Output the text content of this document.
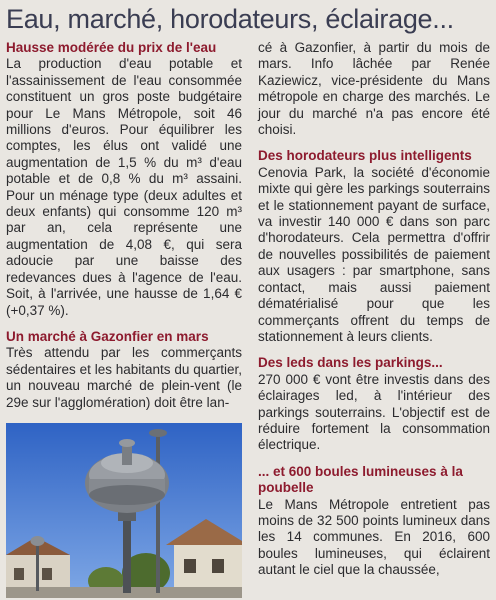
Eau, marché, horodateurs, éclairage...

Hausse modérée du prix de l'eau

La production d'eau potable et l'assainissement de l'eau consommée constituent un gros poste budgétaire pour Le Mans Métropole, soit 46 millions d'euros. Pour équilibrer les comptes, les élus ont validé une augmentation de 1,5 % du m³ d'eau potable et de 0,8 % du m³ assaini. Pour un ménage type (deux adultes et deux enfants) qui consomme 120 m³ par an, cela représente une augmentation de 4,08 €, qui sera adoucie par une baisse des redevances dues à l'agence de l'eau. Soit, à l'arrivée, une hausse de 1,64 € (+0,37 %).

Un marché à Gazonfier en mars

Très attendu par les commerçants sédentaires et les habitants du quartier, un nouveau marché de plein-vent (le 29e sur l'agglomération) doit être lan-

cé à Gazonfier, à partir du mois de mars. Info lâchée par Renée Kaziewicz, vice-présidente du Mans métropole en charge des marchés. Le jour du marché n'a pas encore été choisi.

Des horodateurs plus intelligents

Cenovia Park, la société d'économie mixte qui gère les parkings souterrains et le stationnement payant de surface, va investir 140 000 € dans son parc d'horodateurs. Cela permettra d'offrir de nouvelles possibilités de paiement aux usagers : par smartphone, sans contact, mais aussi paiement dématérialisé pour que les commerçants offrent du temps de stationnement à leurs clients.

Des leds dans les parkings...

270 000 € vont être investis dans des éclairages led, à l'intérieur des parkings souterrains. L'objectif est de réduire fortement la consommation électrique.

... et 600 boules lumineuses à la poubelle

Le Mans Métropole entretient pas moins de 32 500 points lumineux dans les 14 communes. En 2016, 600 boules lumineuses, qui éclairent autant le ciel que la chaussée,
